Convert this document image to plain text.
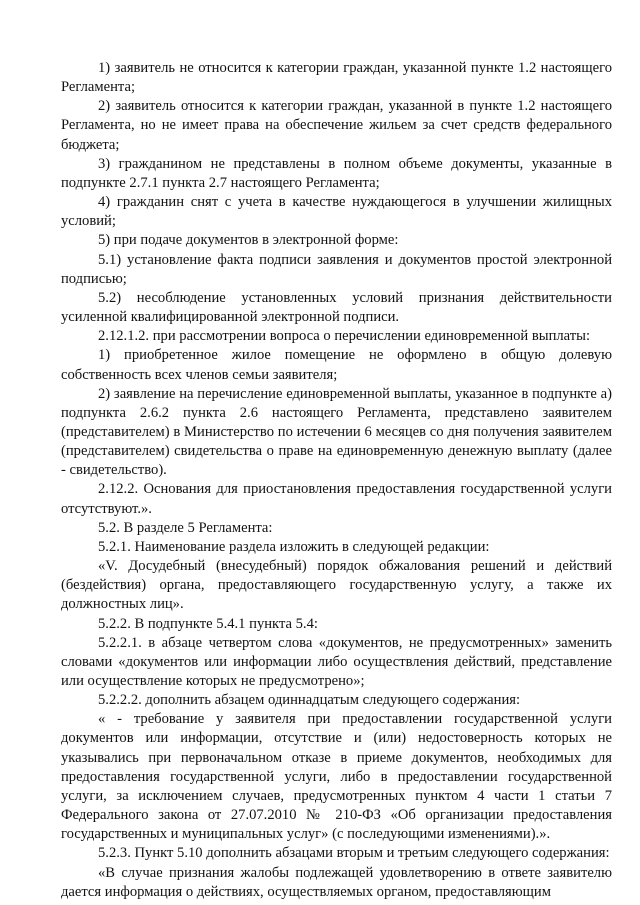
1) заявитель не относится к категории граждан, указанной пункте 1.2 настоящего Регламента;

2) заявитель относится к категории граждан, указанной в пункте 1.2 настоящего Регламента, но не имеет права на обеспечение жильем за счет средств федерального бюджета;

3) гражданином не представлены в полном объеме документы, указанные в подпункте 2.7.1 пункта 2.7 настоящего Регламента;

4) гражданин снят с учета в качестве нуждающегося в улучшении жилищных условий;

5) при подаче документов в электронной форме:

5.1) установление факта подписи заявления и документов простой электронной подписью;

5.2) несоблюдение установленных условий признания действительности усиленной квалифицированной электронной подписи.

2.12.1.2. при рассмотрении вопроса о перечислении единовременной выплаты:

1) приобретенное жилое помещение не оформлено в общую долевую собственность всех членов семьи заявителя;

2) заявление на перечисление единовременной выплаты, указанное в подпункте а) подпункта 2.6.2 пункта 2.6 настоящего Регламента, представлено заявителем (представителем) в Министерство по истечении 6 месяцев со дня получения заявителем (представителем) свидетельства о праве на единовременную денежную выплату (далее - свидетельство).

2.12.2. Основания для приостановления предоставления государственной услуги отсутствуют.».

5.2. В разделе 5 Регламента:

5.2.1. Наименование раздела изложить в следующей редакции:

«V. Досудебный (внесудебный) порядок обжалования решений и действий (бездействия) органа, предоставляющего государственную услугу, а также их должностных лиц».

5.2.2. В подпункте 5.4.1 пункта 5.4:

5.2.2.1. в абзаце четвертом слова «документов, не предусмотренных» заменить словами «документов или информации либо осуществления действий, представление или осуществление которых не предусмотрено»;

5.2.2.2. дополнить абзацем одиннадцатым следующего содержания:

« - требование у заявителя при предоставлении государственной услуги документов или информации, отсутствие и (или) недостоверность которых не указывались при первоначальном отказе в приеме документов, необходимых для предоставления государственной услуги, либо в предоставлении государственной услуги, за исключением случаев, предусмотренных пунктом 4 части 1 статьи 7 Федерального закона от 27.07.2010 № 210-ФЗ «Об организации предоставления государственных и муниципальных услуг» (с последующими изменениями).».

5.2.3. Пункт 5.10 дополнить абзацами вторым и третьим следующего содержания:

«В случае признания жалобы подлежащей удовлетворению в ответе заявителю дается информация о действиях, осуществляемых органом, предоставляющим
